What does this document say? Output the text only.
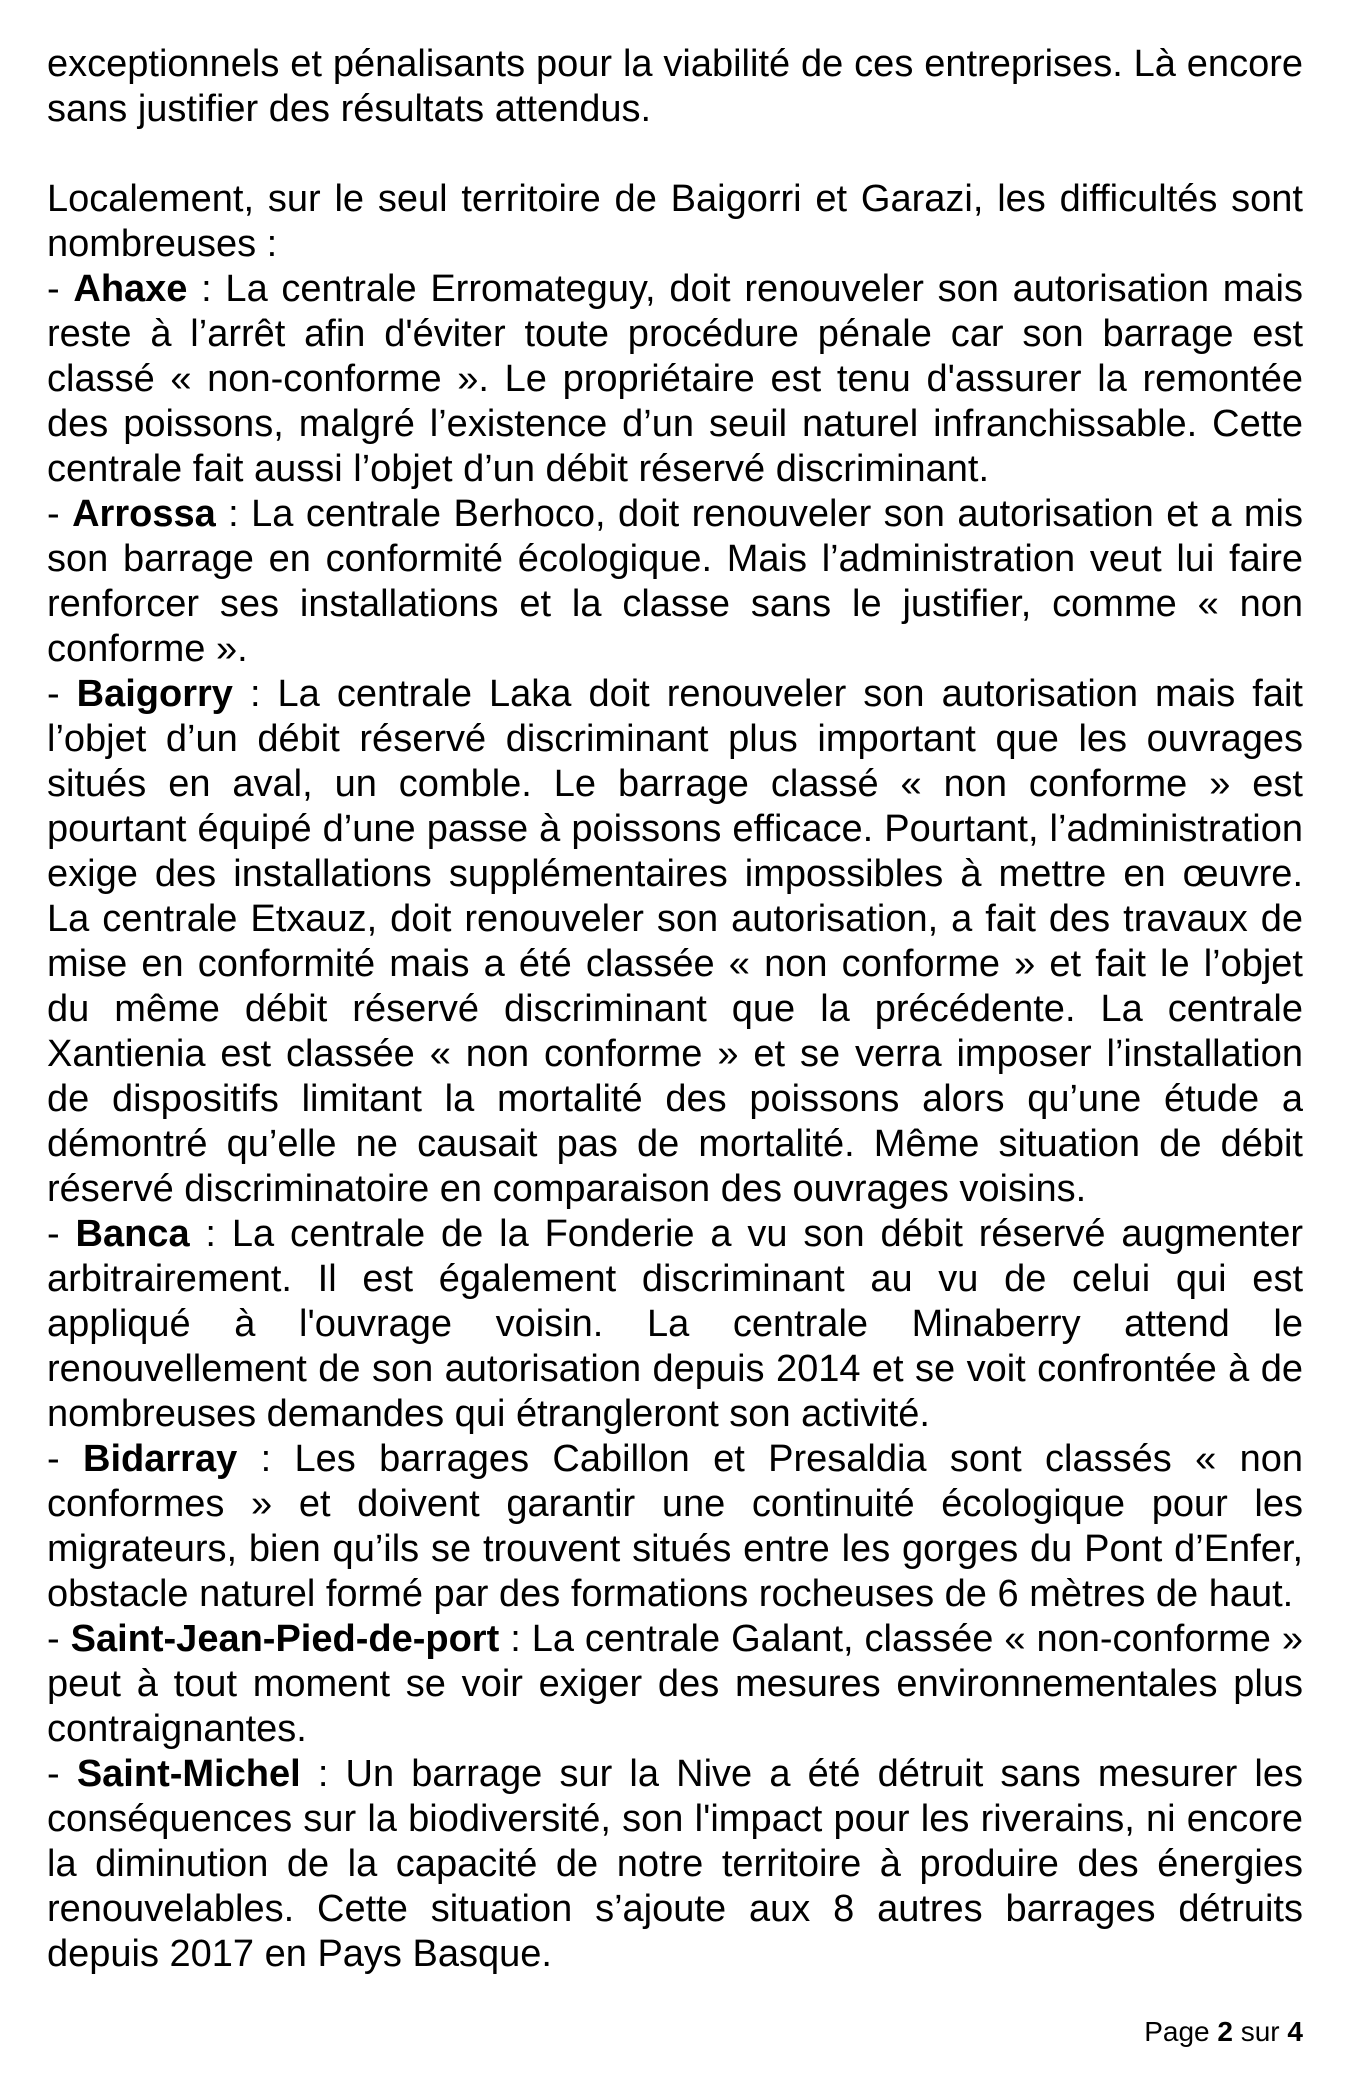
exceptionnels et pénalisants pour la viabilité de ces entreprises. Là encore sans justifier des résultats attendus.

Localement, sur le seul territoire de Baigorri et Garazi, les difficultés sont nombreuses :

- Ahaxe : La centrale Erromateguy, doit renouveler son autorisation mais reste à l’arrêt afin d'éviter toute procédure pénale car son barrage est classé « non-conforme ». Le propriétaire est tenu d'assurer la remontée des poissons, malgré l’existence d’un seuil naturel infranchissable. Cette centrale fait aussi l’objet d’un débit réservé discriminant.

- Arrossa : La centrale Berhoco, doit renouveler son autorisation et a mis son barrage en conformité écologique. Mais l’administration veut lui faire renforcer ses installations et la classe sans le justifier, comme « non conforme ».

- Baigorry : La centrale Laka doit renouveler son autorisation mais fait l’objet d’un débit réservé discriminant plus important que les ouvrages situés en aval, un comble. Le barrage classé « non conforme » est pourtant équipé d’une passe à poissons efficace. Pourtant, l’administration exige des installations supplémentaires impossibles à mettre en œuvre. La centrale Etxauz, doit renouveler son autorisation, a fait des travaux de mise en conformité mais a été classée « non conforme » et fait le l’objet du même débit réservé discriminant que la précédente. La centrale Xantienia est classée « non conforme » et se verra imposer l’installation de dispositifs limitant la mortalité des poissons alors qu’une étude a démontré qu’elle ne causait pas de mortalité. Même situation de débit réservé discriminatoire en comparaison des ouvrages voisins.

- Banca : La centrale de la Fonderie a vu son débit réservé augmenter arbitrairement. Il est également discriminant au vu de celui qui est appliqué à l'ouvrage voisin. La centrale Minaberry attend le renouvellement de son autorisation depuis 2014 et se voit confrontée à de nombreuses demandes qui étrangleront son activité.

- Bidarray : Les barrages Cabillon et Presaldia sont classés « non conformes » et doivent garantir une continuité écologique pour les migrateurs, bien qu’ils se trouvent situés entre les gorges du Pont d’Enfer, obstacle naturel formé par des formations rocheuses de 6 mètres de haut.

- Saint-Jean-Pied-de-port : La centrale Galant, classée « non-conforme » peut à tout moment se voir exiger des mesures environnementales plus contraignantes.

- Saint-Michel : Un barrage sur la Nive a été détruit sans mesurer les conséquences sur la biodiversité, son l'impact pour les riverains, ni encore la diminution de la capacité de notre territoire à produire des énergies renouvelables. Cette situation s’ajoute aux 8 autres barrages détruits depuis 2017 en Pays Basque.

Page 2 sur 4
